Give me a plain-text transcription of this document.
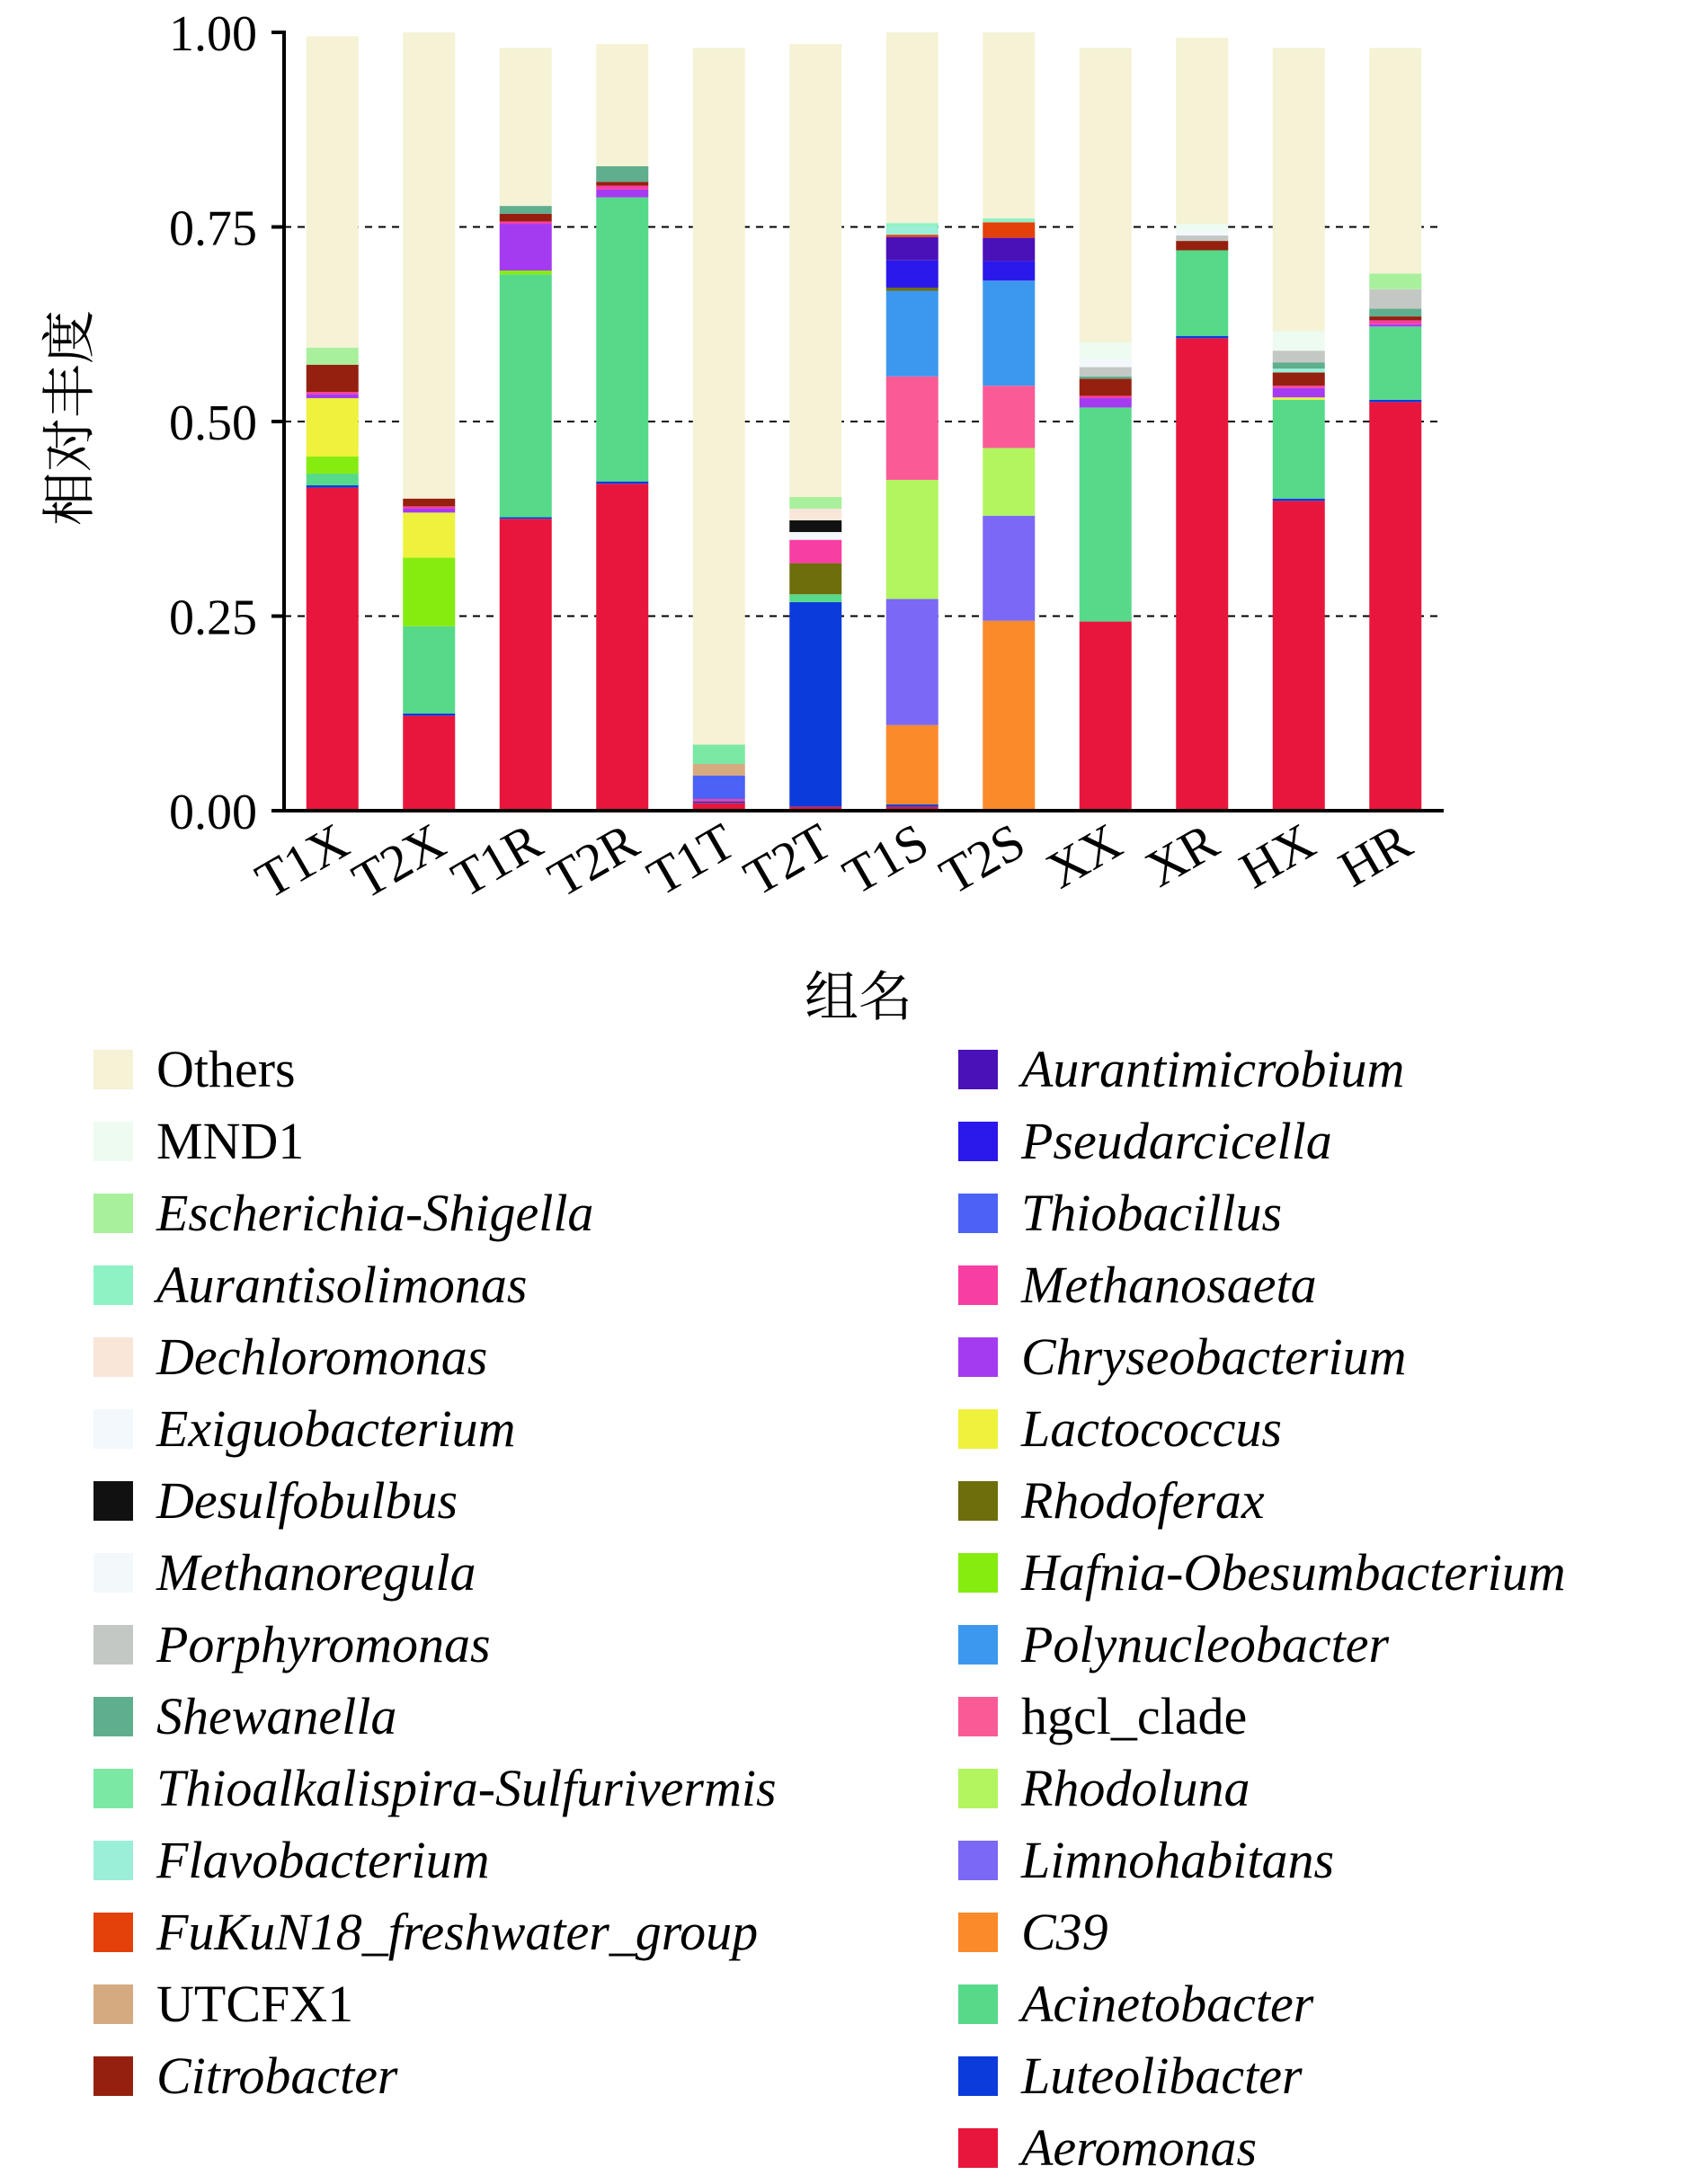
0.00
0.25
0.50
0.75
1.00
T1X
T2X
T1R
T2R
T1T
T2T
T1S
T2S XX XR HX HR
相对丰度
组名
Others
MND1
Escherichia-Shigella
Aurantisolimonas
Dechloromonas
Exiguobacterium
Desulfobulbus
Methanoregula
Porphyromonas
Shewanella
Thioalkalispira-Sulfurivermis
Flavobacterium
FuKuN18_freshwater_group
UTCFX1
Citrobacter
Aurantimicrobium
Pseudarcicella
Thiobacillus
Methanosaeta
Chryseobacterium
Lactococcus
Rhodoferax
Hafnia-Obesumbacterium
Polynucleobacter
hgcl_clade
Rhodoluna
Limnohabitans
C39
Acinetobacter
Luteolibacter
Aeromonas
